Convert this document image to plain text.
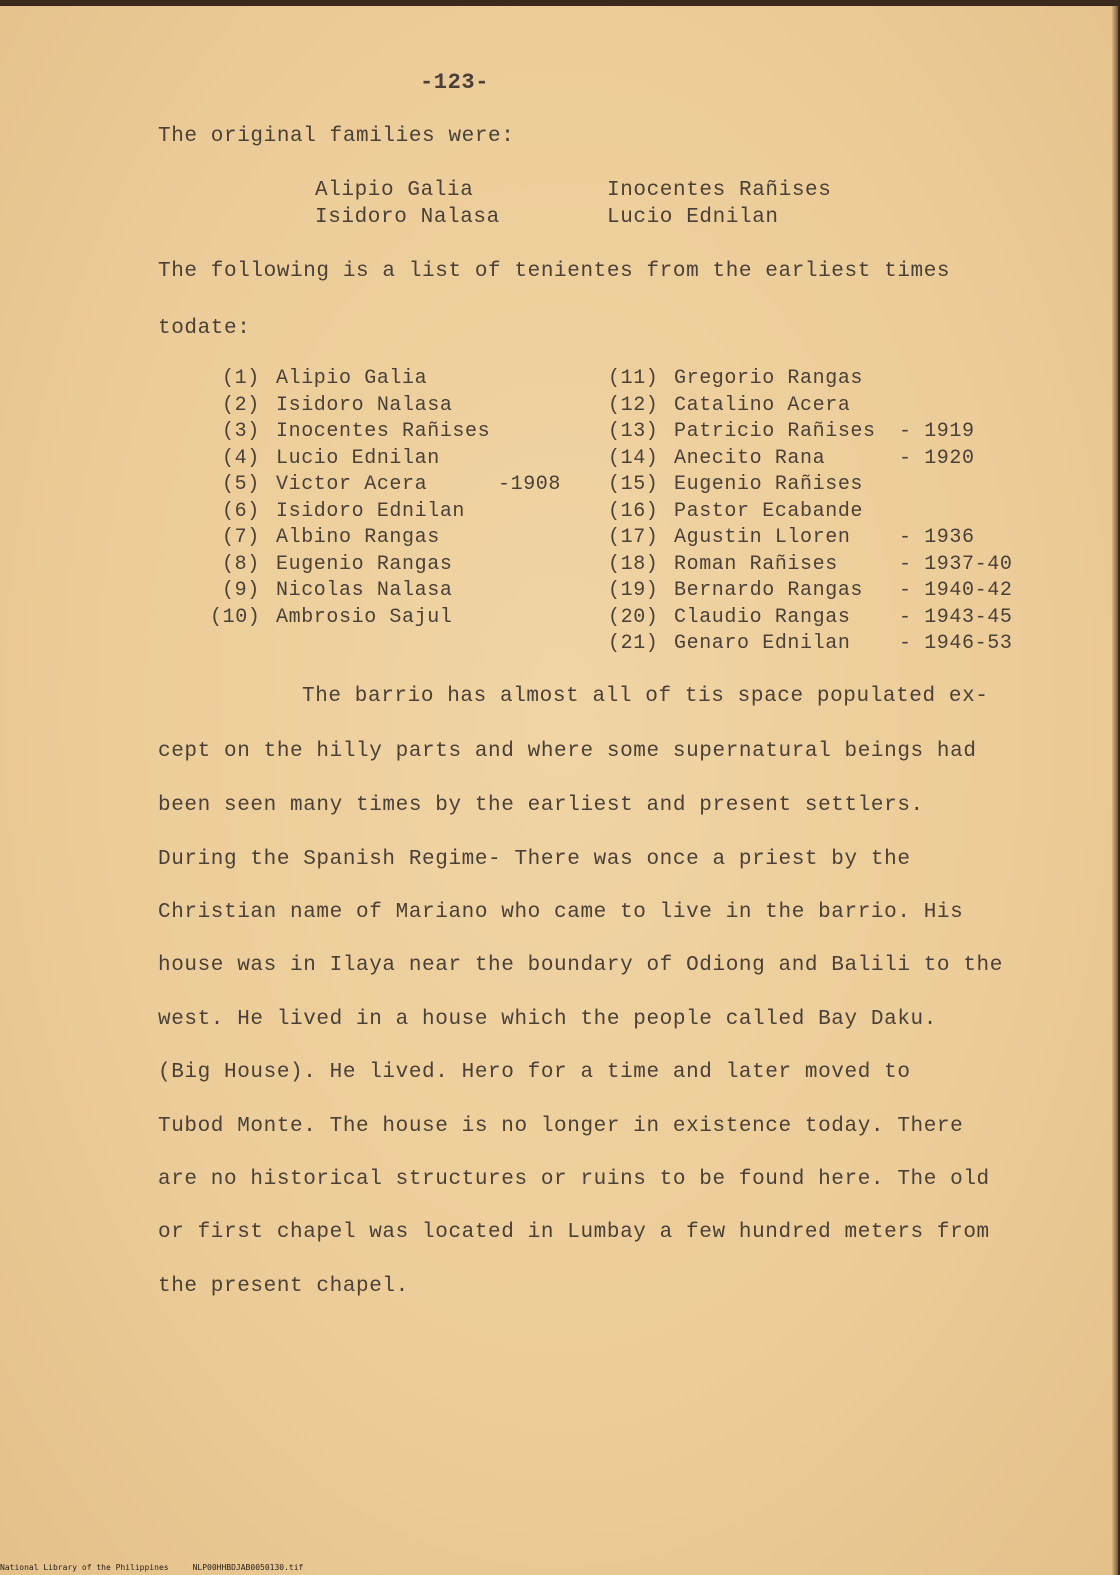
-123-
The original families were:
Alipio Galia	Inocentes Rañises
Isidoro Nalasa	Lucio Ednilan
The following is a list of tenientes from the earliest times
todate:
(1) Alipio Galia
(2) Isidoro Nalasa
(3) Inocentes Rañises
(4) Lucio Ednilan
(5) Victor Acera	-1908
(6) Isidoro Ednilan
(7) Albino Rangas
(8) Eugenio Rangas
(9) Nicolas Nalasa
(10) Ambrosio Sajul
(11) Gregorio Rangas
(12) Catalino Acera
(13) Patricio Rañises - 1919
(14) Anecito Rana	- 1920
(15) Eugenio Rañises
(16) Pastor Ecabande
(17) Agustin Lloren - 1936
(18) Roman Rañises	- 1937-40
(19) Bernardo Rangas - 1940-42
(20) Claudio Rangas - 1943-45
(21) Genaro Ednilan - 1946-53
The barrio has almost all of tis space populated ex-
cept on the hilly parts and where some supernatural beings had
been seen many times by the earliest and present settlers.
During the Spanish Regime- There was once a priest by the
Christian name of Mariano who came to live in the barrio. His
house was in Ilaya near the boundary of Odiong and Balili to the
west. He lived in a house which the people called Bay Daku.
(Big House). He lived. Hero for a time and later moved to
Tubod Monte. The house is no longer in existence today. There
are no historical structures or ruins to be found here. The old
or first chapel was located in Lumbay a few hundred meters from
the present chapel.
National Library of the Philippines	NLP00HHBDJAB0050130.tif
